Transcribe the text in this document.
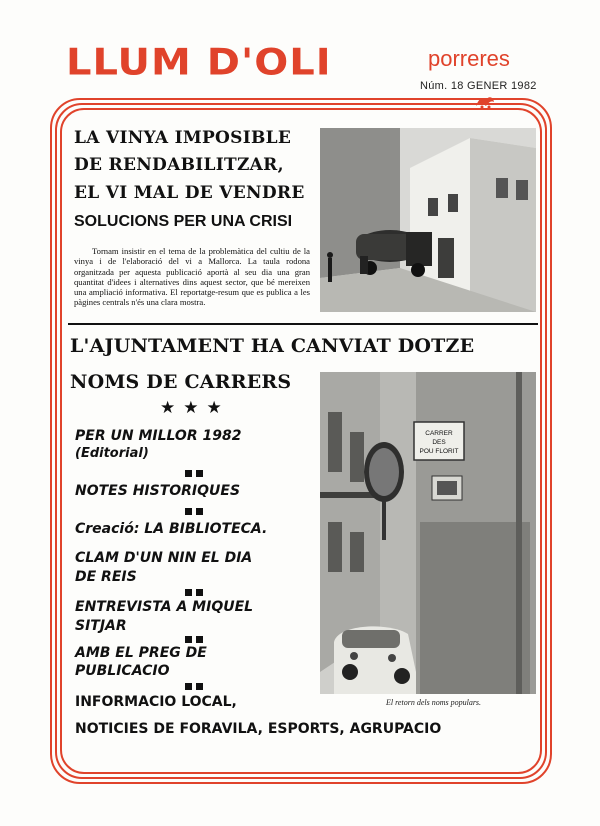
LLUM D'OLI	porreres
Núm. 18 GENER 1982
LA VINYA IMPOSIBLE
DE RENDABILITZAR,
EL VI MAL DE VENDRE
SOLUCIONS PER UNA CRISI
Tornam insistir en el tema de la problemàtica del cultiu de la vinya i de l'elaboració del vi a Mallorca. La taula rodona organitzada per aquesta publicació aportà al seu dia una gran quantitat d'idees i alternatives dins aquest sector, que bé mereixen una ampliació informativa. El reportatge-resum que es publica a les pàgines centrals n'és una clara mostra.
L'AJUNTAMENT HA CANVIAT DOTZE
NOMS DE CARRERS
★★★
PER UN MILLOR 1982
(Editorial)
NOTES HISTORIQUES
Creació: LA BIBLIOTECA.
CLAM D'UN NIN EL DIA
DE REIS
ENTREVISTA A MIQUEL
SITJAR
AMB EL PREG DE
PUBLICACIO
INFORMACIO LOCAL,
NOTICIES DE FORAVILA, ESPORTS, AGRUPACIO
CARRER
DES
POU FLORIT
El retorn dels noms populars.
